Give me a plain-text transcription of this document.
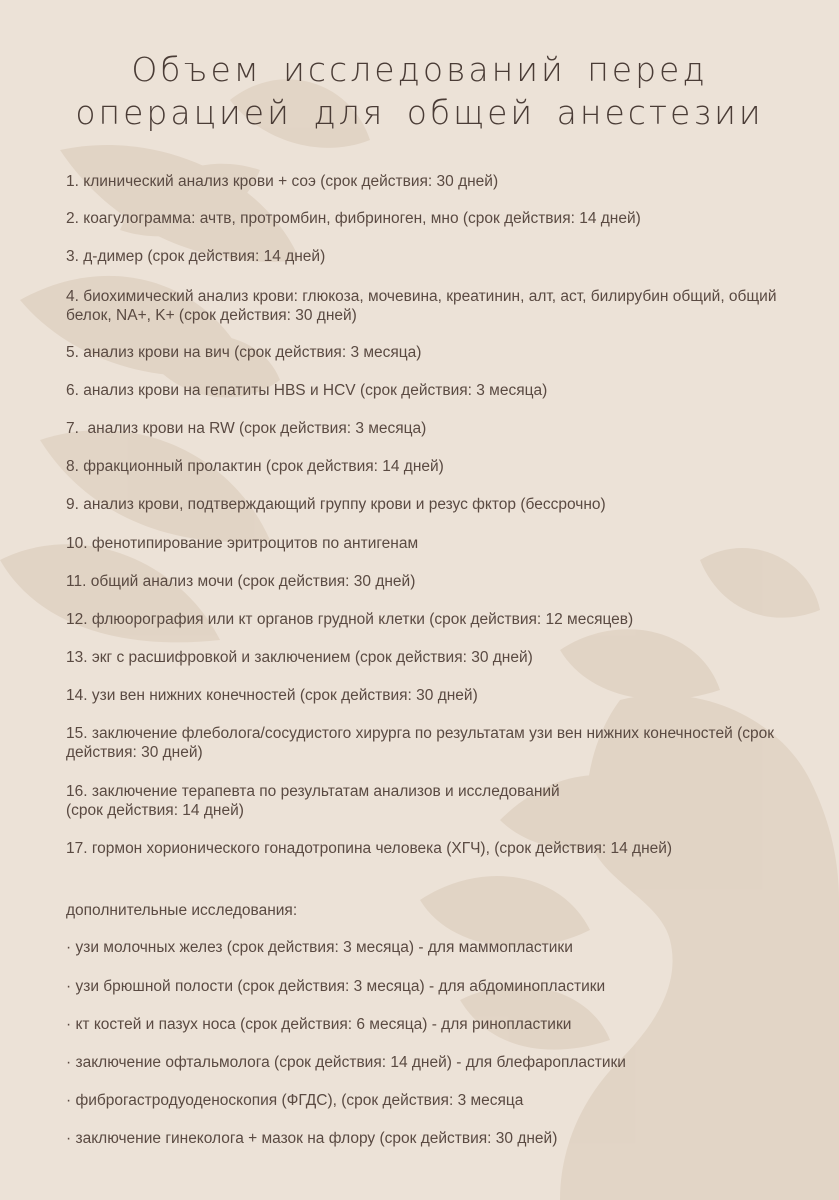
Объем исследований перед
операцией для общей анестезии
1. клинический анализ крови + соэ (срок действия: 30 дней)
2. коагулограмма: ачтв, протромбин, фибриноген, мно (срок действия: 14 дней)
3. д-димер (срок действия: 14 дней)
4. биохимический анализ крови: глюкоза, мочевина, креатинин, алт, аст, билирубин общий, общий белок, NA+, K+ (срок действия: 30 дней)
5. анализ крови на вич (срок действия: 3 месяца)
6. анализ крови на гепатиты HBS и HCV (срок действия: 3 месяца)
7.  анализ крови на RW (срок действия: 3 месяца)
8. фракционный пролактин (срок действия: 14 дней)
9. анализ крови, подтверждающий группу крови и резус фктор (бессрочно)
10. фенотипирование эритроцитов по антигенам
11. общий анализ мочи (срок действия: 30 дней)
12. флюорография или кт органов грудной клетки (срок действия: 12 месяцев)
13. экг с расшифровкой и заключением (срок действия: 30 дней)
14. узи вен нижних конечностей (срок действия: 30 дней)
15. заключение флеболога/сосудистого хирурга по результатам узи вен нижних конечностей (срок действия: 30 дней)
16. заключение терапевта по результатам анализов и исследований
(срок действия: 14 дней)
17. гормон хорионического гонадотропина человека (ХГЧ), (срок действия: 14 дней)
дополнительные исследования:
· узи молочных желез (срок действия: 3 месяца) - для маммопластики
· узи брюшной полости (срок действия: 3 месяца) - для абдоминопластики
· кт костей и пазух носа (срок действия: 6 месяца) - для ринопластики
· заключение офтальмолога (срок действия: 14 дней) - для блефаропластики
· фиброгастродуоденоскопия (ФГДС), (срок действия: 3 месяца
· заключение гинеколога + мазок на флору (срок действия: 30 дней)
